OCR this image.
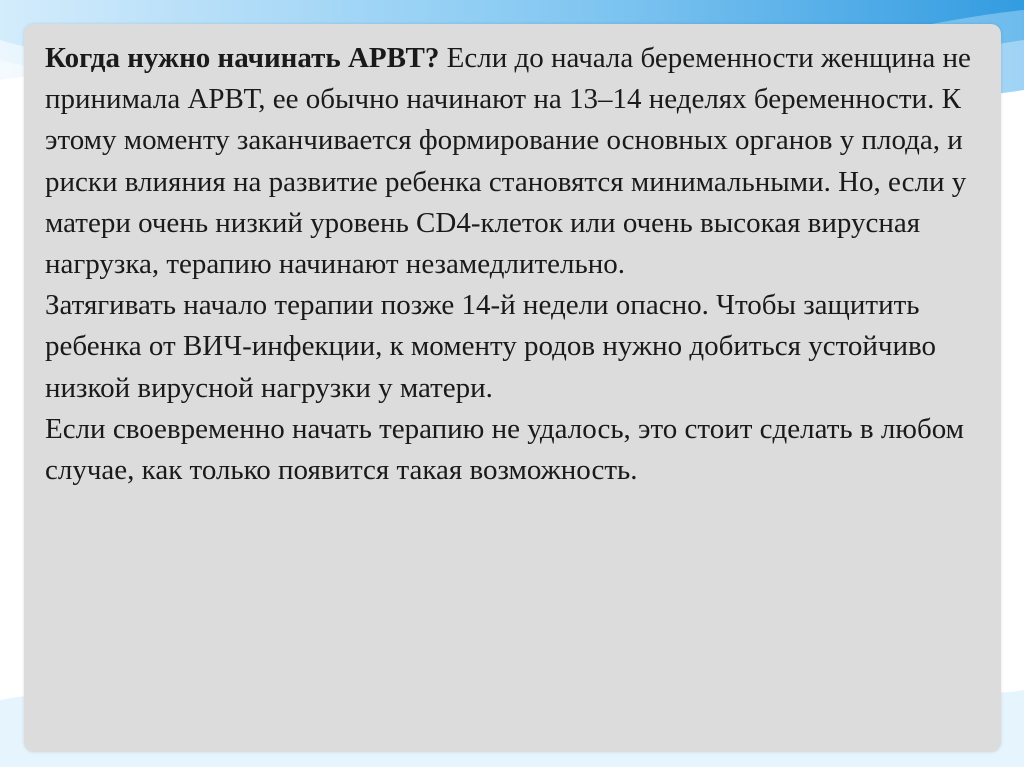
Когда нужно начинать АРВТ? Если до начала беременности женщина не принимала АРВТ, ее обычно начинают на 13–14 неделях беременности. К этому моменту заканчивается формирование основных органов у плода, и риски влияния на развитие ребенка становятся минимальными. Но, если у матери очень низкий уровень CD4-клеток или очень высокая вирусная нагрузка, терапию начинают незамедлительно.

Затягивать начало терапии позже 14-й недели опасно. Чтобы защитить ребенка от ВИЧ-инфекции, к моменту родов нужно добиться устойчиво низкой вирусной нагрузки у матери.

Если своевременно начать терапию не удалось, это стоит сделать в любом случае, как только появится такая возможность.
